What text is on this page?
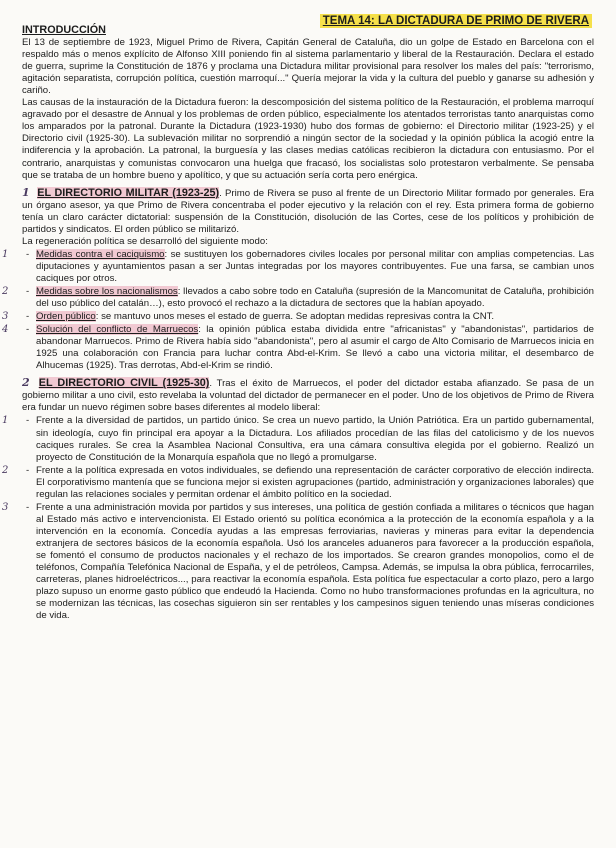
TEMA 14: LA DICTADURA DE PRIMO DE RIVERA

INTRODUCCIÓN

El 13 de septiembre de 1923, Miguel Primo de Rivera, Capitán General de Cataluña, dio un golpe de Estado en Barcelona con el respaldo más o menos explícito de Alfonso XIII poniendo fin al sistema parlamentario y liberal de la Restauración. Declara el estado de guerra, suprime la Constitución de 1876 y proclama una Dictadura militar provisional para resolver los males del país: "terrorismo, agitación separatista, corrupción política, cuestión marroquí..." Quería mejorar la vida y la cultura del pueblo y ganarse su adhesión y cariño.

Las causas de la instauración de la Dictadura fueron: la descomposición del sistema político de la Restauración, el problema marroquí agravado por el desastre de Annual y los problemas de orden público, especialmente los atentados terroristas tanto anarquistas como los amparados por la patronal. Durante la Dictadura (1923-1930) hubo dos formas de gobierno: el Directorio militar (1923-25) y el Directorio civil (1925-30). La sublevación militar no sorprendió a ningún sector de la sociedad y la opinión pública la acogió entre la indiferencia y la aprobación. La patronal, la burguesía y las clases medias católicas recibieron la dictadura con entusiasmo. Por el contrario, anarquistas y comunistas convocaron una huelga que fracasó, los socialistas solo protestaron verbalmente. Se pensaba que se trataba de un hombre bueno y apolítico, y que su actuación sería corta pero enérgica.

1 EL DIRECTORIO MILITAR (1923-25). Primo de Rivera se puso al frente de un Directorio Militar formado por generales. Era un órgano asesor, ya que Primo de Rivera concentraba el poder ejecutivo y la relación con el rey. Esta primera forma de gobierno tenía un claro carácter dictatorial: suspensión de la Constitución, disolución de las Cortes, cese de los políticos y prohibición de partidos y sindicatos. El orden público se militarizó.

La regeneración política se desarrolló del siguiente modo:

1 - Medidas contra el caciquismo: se sustituyen los gobernadores civiles locales por personal militar con amplias competencias. Las diputaciones y ayuntamientos pasan a ser Juntas integradas por los mayores contribuyentes. Fue una farsa, se cambian unos caciques por otros.
2 - Medidas sobre los nacionalismos: llevados a cabo sobre todo en Cataluña (supresión de la Mancomunitat de Cataluña, prohibición del uso público del catalán…), esto provocó el rechazo a la dictadura de sectores que la habían apoyado.
3 - Orden público: se mantuvo unos meses el estado de guerra. Se adoptan medidas represivas contra la CNT.
4 - Solución del conflicto de Marruecos: la opinión pública estaba dividida entre "africanistas" y "abandonistas", partidarios de abandonar Marruecos. Primo de Rivera había sido "abandonista", pero al asumir el cargo de Alto Comisario de Marruecos inicia en 1925 una colaboración con Francia para luchar contra Abd-el-Krim. Se llevó a cabo una victoria militar, el desembarco de Alhucemas (1925). Tras derrotas, Abd-el-Krim se rindió.

2 EL DIRECTORIO CIVIL (1925-30). Tras el éxito de Marruecos, el poder del dictador estaba afianzado. Se pasa de un gobierno militar a uno civil, esto revelaba la voluntad del dictador de permanecer en el poder. Uno de los objetivos de Primo de Rivera era fundar un nuevo régimen sobre bases diferentes al modelo liberal:

1 - Frente a la diversidad de partidos, un partido único. Se crea un nuevo partido, la Unión Patriótica. Era un partido gubernamental, sin ideología, cuyo fin principal era apoyar a la Dictadura. Los afiliados procedían de las filas del catolicismo y de los nuevos caciques rurales. Se crea la Asamblea Nacional Consultiva, era una cámara consultiva elegida por el gobierno. Realizó un proyecto de Constitución de la Monarquía española que no llegó a promulgarse.
2 - Frente a la política expresada en votos individuales, se defiendo una representación de carácter corporativo de elección indirecta. El corporativismo mantenía que se funciona mejor si existen agrupaciones (partido, administración y organizaciones laborales) que regulan las relaciones sociales y permitan ordenar el ámbito político en la sociedad.
3 - Frente a una administración movida por partidos y sus intereses, una política de gestión confiada a militares o técnicos que hagan al Estado más activo e intervencionista. El Estado orientó su política económica a la protección de la economía española y a la intervención en la economía. Concedía ayudas a las empresas ferroviarias, navieras y mineras para evitar la dependencia extranjera de sectores básicos de la economía española. Usó los aranceles aduaneros para favorecer a la producción española, se fomentó el consumo de productos nacionales y el rechazo de los importados. Se crearon grandes monopolios, como el de teléfonos, Compañía Telefónica Nacional de España, y el de petróleos, Campsa. Además, se impulsa la obra pública, ferrocarriles, carreteras, planes hidroeléctricos..., para reactivar la economía española. Esta política fue espectacular a corto plazo, pero a largo plazo supuso un enorme gasto público que endeudó la Hacienda. Como no hubo transformaciones profundas en la agricultura, no se modernizan las técnicas, las cosechas siguieron sin ser rentables y los campesinos siguen teniendo unas míseras condiciones de vida.
